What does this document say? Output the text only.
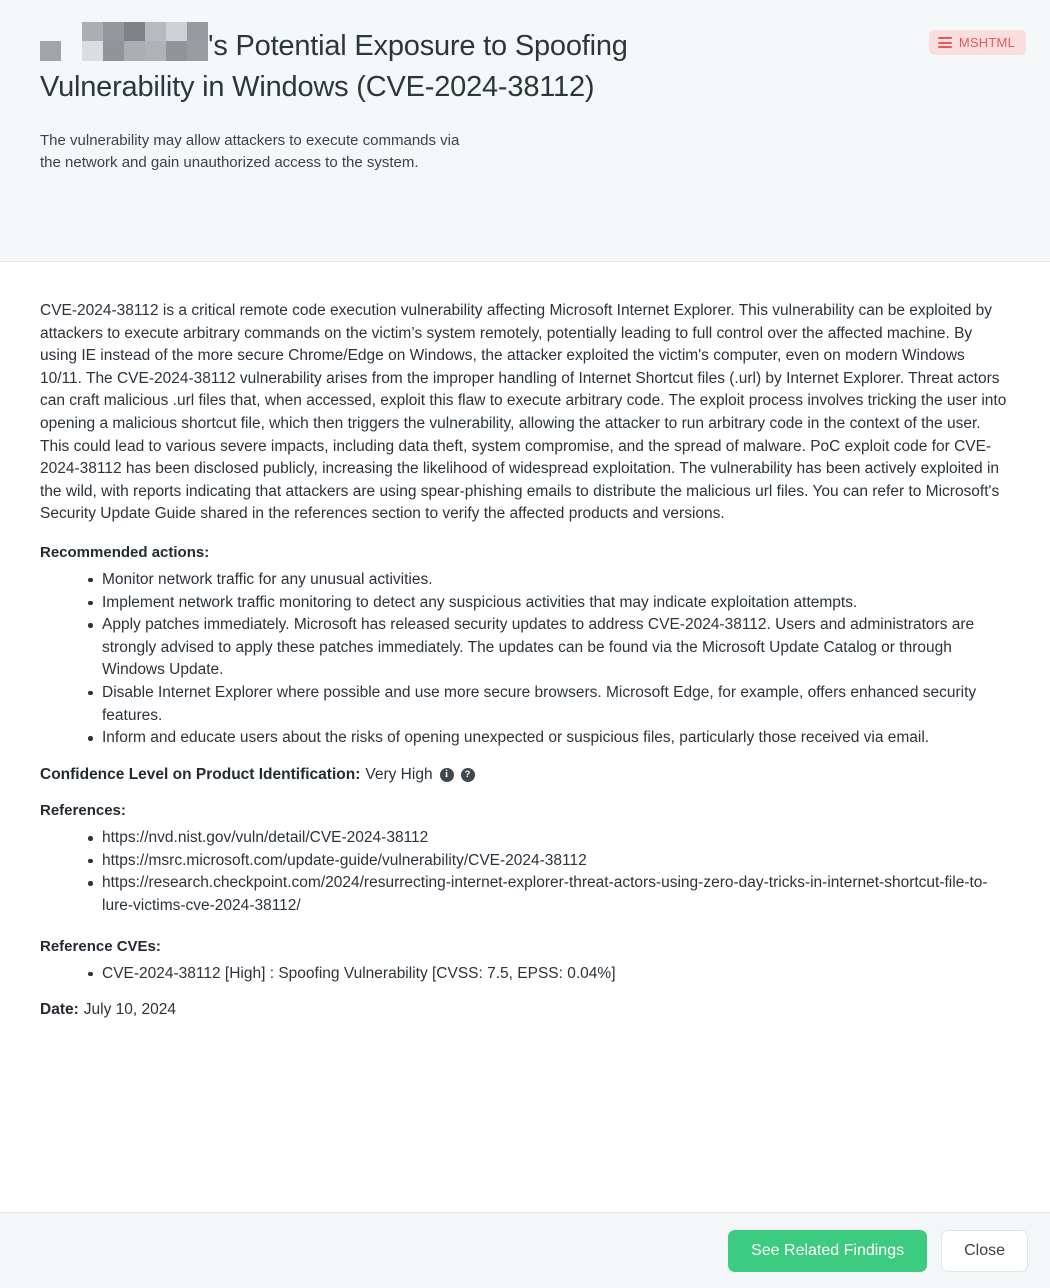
's Potential Exposure to Spoofing Vulnerability in Windows (CVE-2024-38112)

The vulnerability may allow attackers to execute commands via the network and gain unauthorized access to the system.

MSHTML

CVE-2024-38112 is a critical remote code execution vulnerability affecting Microsoft Internet Explorer. This vulnerability can be exploited by attackers to execute arbitrary commands on the victim’s system remotely, potentially leading to full control over the affected machine. By using IE instead of the more secure Chrome/Edge on Windows, the attacker exploited the victim's computer, even on modern Windows 10/11. The CVE-2024-38112 vulnerability arises from the improper handling of Internet Shortcut files (.url) by Internet Explorer. Threat actors can craft malicious .url files that, when accessed, exploit this flaw to execute arbitrary code. The exploit process involves tricking the user into opening a malicious shortcut file, which then triggers the vulnerability, allowing the attacker to run arbitrary code in the context of the user. This could lead to various severe impacts, including data theft, system compromise, and the spread of malware. PoC exploit code for CVE-2024-38112 has been disclosed publicly, increasing the likelihood of widespread exploitation. The vulnerability has been actively exploited in the wild, with reports indicating that attackers are using spear-phishing emails to distribute the malicious url files. You can refer to Microsoft's Security Update Guide shared in the references section to verify the affected products and versions.

Recommended actions:
Monitor network traffic for any unusual activities.
Implement network traffic monitoring to detect any suspicious activities that may indicate exploitation attempts.
Apply patches immediately. Microsoft has released security updates to address CVE-2024-38112. Users and administrators are strongly advised to apply these patches immediately. The updates can be found via the Microsoft Update Catalog or through Windows Update.
Disable Internet Explorer where possible and use more secure browsers. Microsoft Edge, for example, offers enhanced security features.
Inform and educate users about the risks of opening unexpected or suspicious files, particularly those received via email.
Confidence Level on Product Identification: Very High	i	?
References:
https://nvd.nist.gov/vuln/detail/CVE-2024-38112
https://msrc.microsoft.com/update-guide/vulnerability/CVE-2024-38112
https://research.checkpoint.com/2024/resurrecting-internet-explorer-threat-actors-using-zero-day-tricks-in-internet-shortcut-file-to-lure-victims-cve-2024-38112/
Reference CVEs:
CVE-2024-38112 [High] : Spoofing Vulnerability [CVSS: 7.5, EPSS: 0.04%]
Date: July 10, 2024
See Related Findings	Close
